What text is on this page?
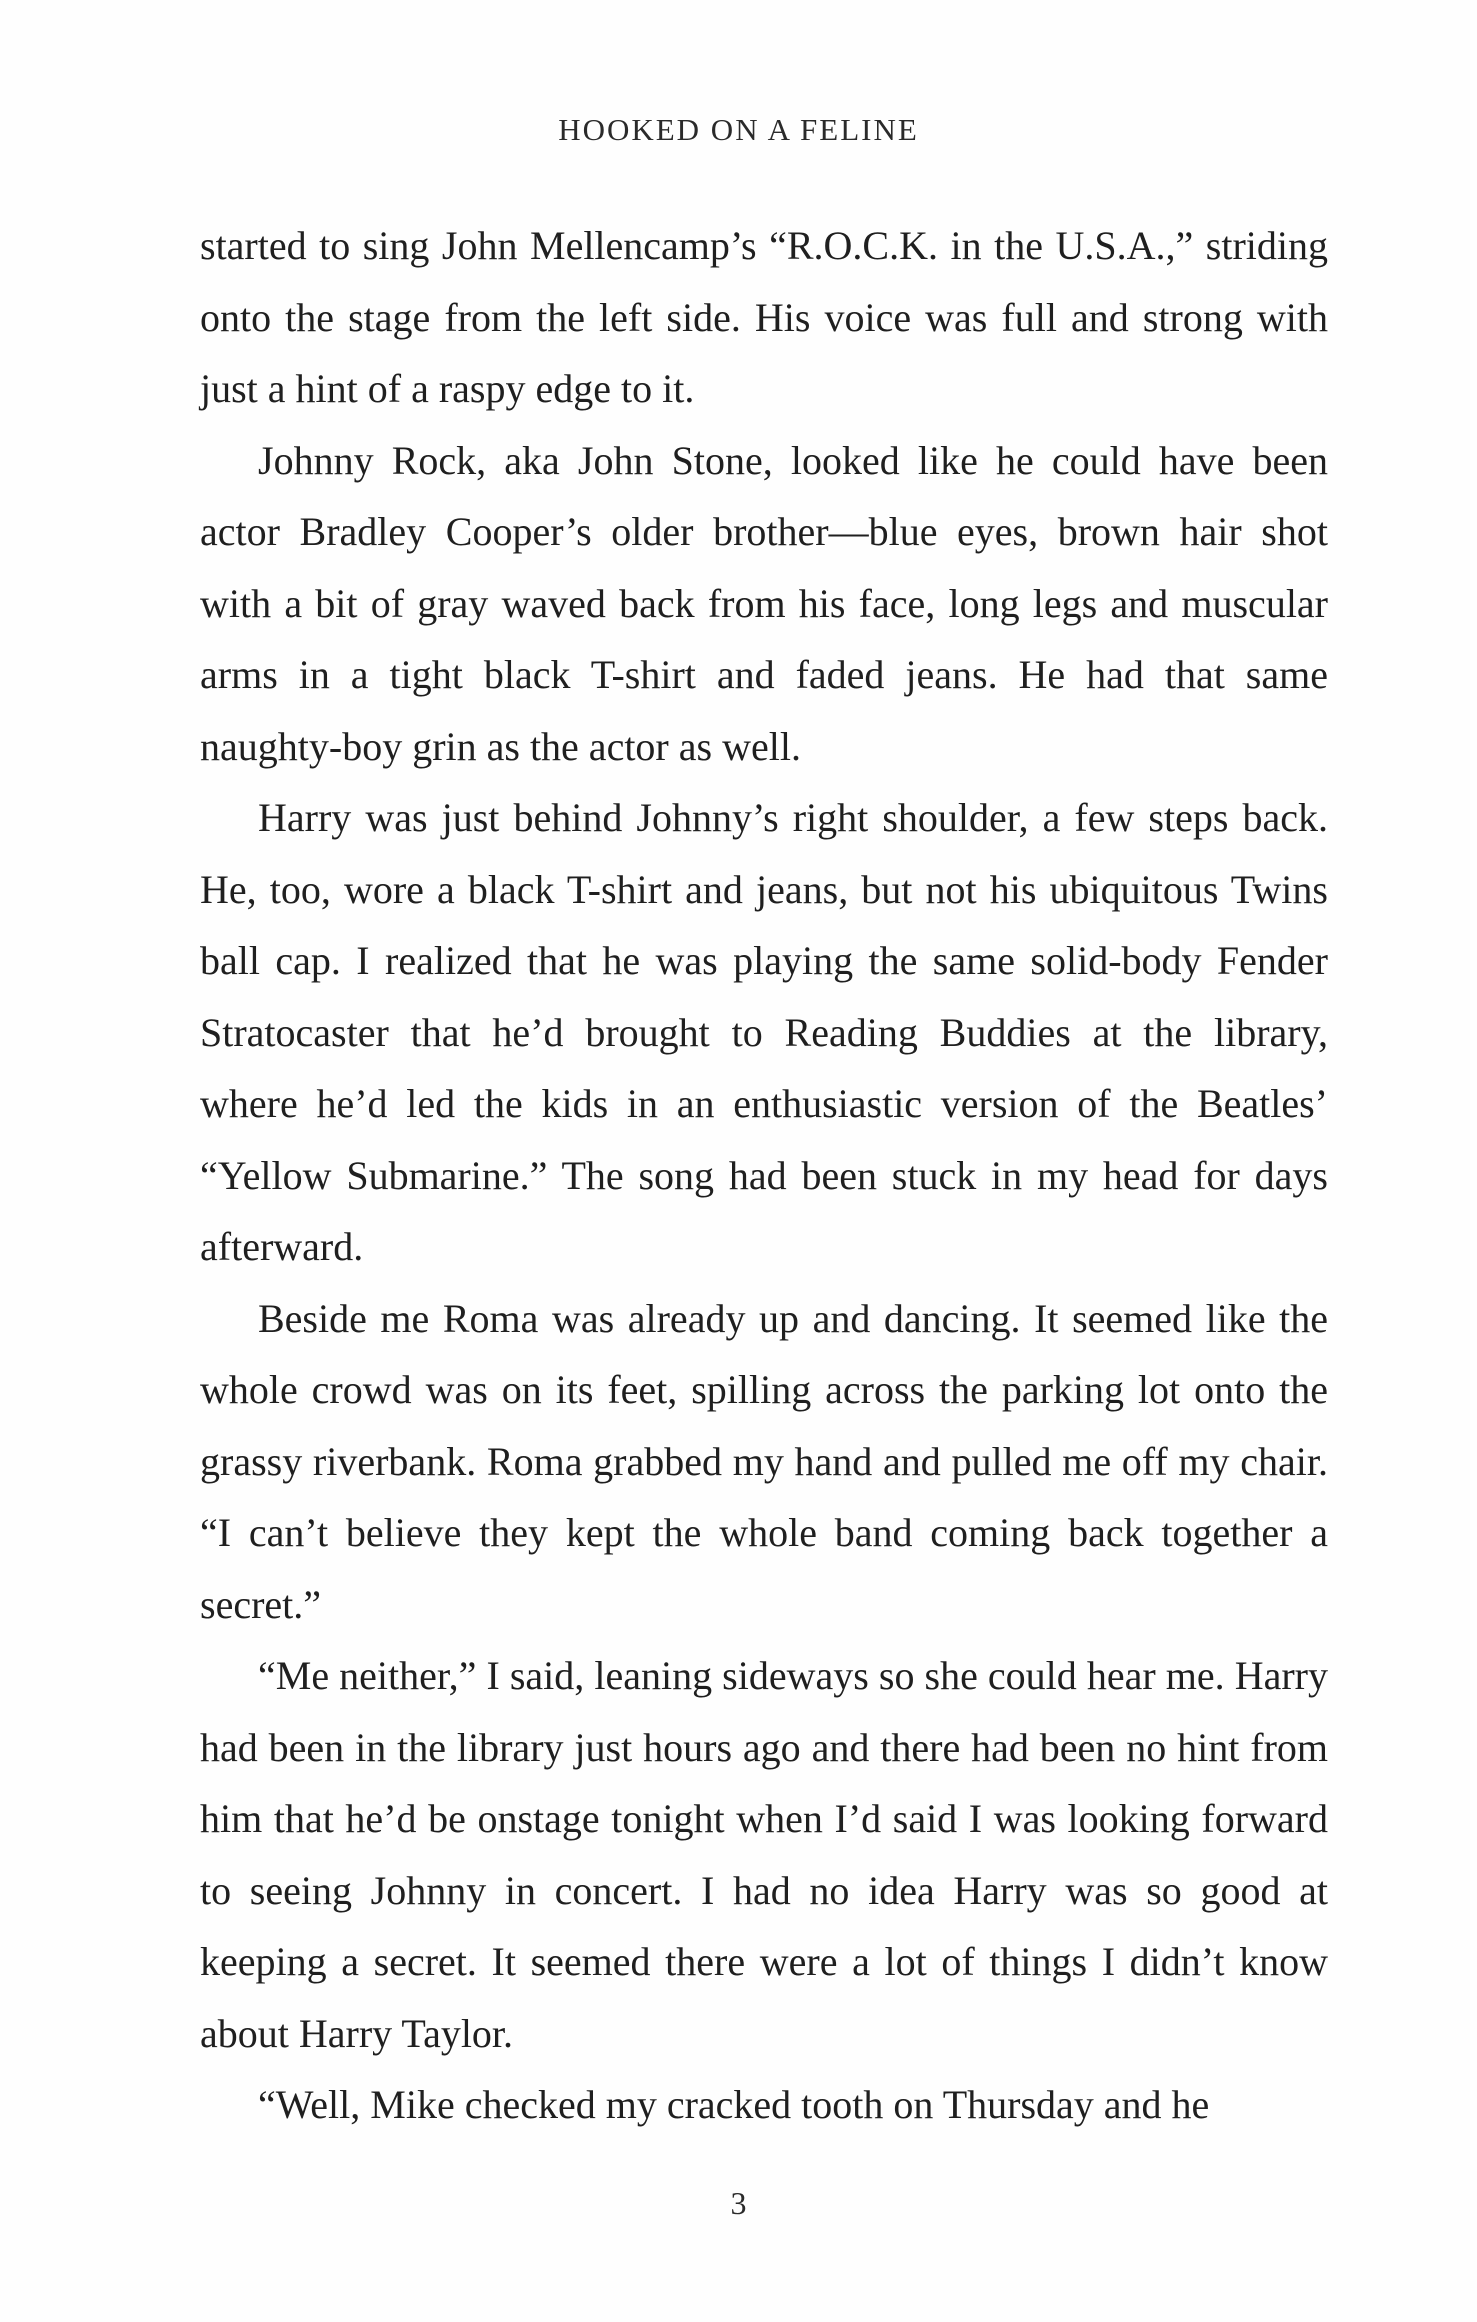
HOOKED ON A FELINE

started to sing John Mellencamp’s “R.O.C.K. in the U.S.A.,” striding onto the stage from the left side. His voice was full and strong with just a hint of a raspy edge to it.

Johnny Rock, aka John Stone, looked like he could have been actor Bradley Cooper’s older brother—blue eyes, brown hair shot with a bit of gray waved back from his face, long legs and muscular arms in a tight black T-shirt and faded jeans. He had that same naughty-boy grin as the actor as well.

Harry was just behind Johnny’s right shoulder, a few steps back. He, too, wore a black T-shirt and jeans, but not his ubiquitous Twins ball cap. I realized that he was playing the same solid-body Fender Stratocaster that he’d brought to Reading Buddies at the library, where he’d led the kids in an enthusiastic version of the Beatles’ “Yellow Submarine.” The song had been stuck in my head for days afterward.

Beside me Roma was already up and dancing. It seemed like the whole crowd was on its feet, spilling across the parking lot onto the grassy riverbank. Roma grabbed my hand and pulled me off my chair. “I can’t believe they kept the whole band coming back together a secret.”

“Me neither,” I said, leaning sideways so she could hear me. Harry had been in the library just hours ago and there had been no hint from him that he’d be onstage tonight when I’d said I was looking forward to seeing Johnny in concert. I had no idea Harry was so good at keeping a secret. It seemed there were a lot of things I didn’t know about Harry Taylor.

“Well, Mike checked my cracked tooth on Thursday and he

3
